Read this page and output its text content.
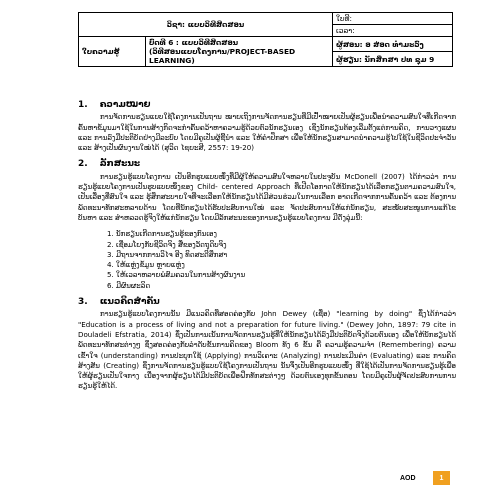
ວິຊາ: ແບບວິທີສິດສອນ		ໃບທີ:
		ເວລາ:
ໃບຄວາມຮູ້	ບົດທີ 6 : ແບບວິທີສິດສອນ
(ວິທີສອນແບບໂຄງການ/PROJECT-BASED LEARNING)	ຜູ້ສອນ: ອ ສ່ອດ ທຳມະວົງ
		ຜູ້ຮຽນ: ນັກສຶກສາ ປທ ຊຸມ 9
1. ຄວາມໝາຍ

ການຈັດການຮຽນແບບໃຊ້ໂຄງການເປັນຖານ ໝາຍເຖິງການຈັດການຮຽນທີ່ມີເປົ້າໝາຍເປັນຜູ້ຮຽນເພື່ອນຳຄວາມສົນໃຈທີ່ເກີດຈາກຄົ້ນຫາຂໍ້ມູນມາໃຊ້ໃນການສ້າງກິດຈະກຳຄົ້ນຄວ້າຫາຄວາມຮູ້ດ້ວຍຕົວນັກຮຽນເອງ ເຊິ່ງນັກຮຽນຕ້ອງເລີ່ມຕັ້ງແຕ່ການຄິດ, ການວາງແຜນ ແລະ ການລົງມືປະຕິບັດຢ່າງມີລະບົບ ໂດຍມີຄູເປັນຜູ້ຊີ້ນຳ ແລະ ໃຫ້ຄຳປຶກສາ ເພື່ອໃຫ້ນັກຮຽນສາມາດນຳຄວາມຮູ້ໄປໃຊ້ໃນຊີວິດປະຈຳວັນ ແລະ ສ້າງເປັນຜົນງານໃໝ່ໄດ້ (ສຸວິດ ໄຊຍະສີ, 2557: 19-20)

2. ລັກສະນະ

ການຮຽນຮູ້ແບບໂຄງການ ເປັນອີກຮູບແບບໜຶ່ງທີ່ມີຜູ້ໃຫ້ຄວາມສົນໃຈຫລາຍໃນປະຈຸບັນ McDonell (2007) ໄດ້ກ່າວວ່າ ການຮຽນຮູ້ແບບໂຄງການເປັນຮູບແບບໜຶ່ງຂອງ Child- centered Approach ທີ່ເປີດໂອກາດໃຫ້ນັກຮຽນໄດ້ເລືອກຮຽນຕາມຄວາມສົນໃຈ, ເປັນເລື່ອງທີ່ສົນໃຈ ແລະ ຮູ້ສຶກສະບາຍໃຈທີ່ຈະເລືອກໃຫ້ນັກຮຽນໄດ້ມີສ່ວນຮ່ວມໃນການເລືອກ ອາດເກີດຈາກການຄົ້ນຄວ້າ ແລະ ຕ້ອງການພັດທະນາທັກສະຫລາຍດ້ານ ໂດຍທີ່ນັກຮຽນໄດ້ຮັບປະສົບການໃໝ່ ແລະ ຈັດປະສົບການໃຫ້ແກ່ນັກຮຽນ, ສະໜັບສະໜູນການແກ້ໄຂບັນຫາ ແລະ ສຳຫລວດຮູ້ຈິງໃຫ້ແກ່ນັກຮຽນ ໂດຍມີລັກສະນະຂອງການຮຽນຮູ້ແບບໂຄງການ ມີດັ່ງລຸ່ມນີ້:

1. ນັກຮຽນເກີດການຮຽນຮູ້ຂອງກົນເອງ
2. ເຊື່ອມໂຍງກັບຊີວິດຈິງ ສື່ຂອງວັດຖຸດິບຈິງ
3. ມີຖານຈາກການວິໄຈ ອີງ ທິດສະດີສຶກສາ
4. ໃຫ້ແຫຼ່ງຂໍ້ມູນ ຫຼາຍແຫຼ່ງ
5. ໃຫ້ເວລາຫລາຍພໍສົມຄວນໃນການສ້າງຜົນງານ
6. ມີຜົນຜະລິດ
3. ແນວຄິດສຳຄັນ

ການຮຽນຮູ້ແບບໂຄງການນັ້ນ ມີແນວຄິດທີ່ສອດຄ່ອງກັບ John Dewey (ເຊື່ອ) "learning by doing" ຊຶ່ງໄດ້ກ່າວວ່າ "Education is a process of living and not a preparation for future living." (Dewey John, 1897: 79 cite in Douladeli Efstratia, 2014) ຊຶ່ງເປັນການເນັ້ນການຈັດການຮຽນຮູ້ທີ່ໃຫ້ນັກຮຽນໄດ້ລົງມືປະຕິບັດຈິງດ້ວຍຕົນເອງ ເພື່ອໃຫ້ນັກຮຽນໄດ້ພັດທະນາທັກສະຕ່າງໆ ຊຶ່ງສອດຄ່ອງກັບລຳດັບຂັ້ນການຄິດຂອງ Bloom ທັງ 6 ຂັ້ນ ຄື ຄວາມຮູ້ຄວາມຈຳ (Remembering) ຄວາມເຂົ້າໃຈ (understanding) ການປະຍຸກໃຊ້ (Applying) ການວິເຄາະ (Analyzing) ການປະເມີນຄ່າ (Evaluating) ແລະ ການຄິດສ້າງສັນ (Creating) ຊຶ່ງການຈັດການຮຽນຮູ້ແບບໃຊ້ໂຄງການເປັນຖານ ນັ້ນຈຶ່ງເປັນອີກຮູບແບບໜຶ່ງ ທີ່ໃຊ້ໄດ້ເປັນການຈັດການຮຽນຮູ້ເພື່ອໃຫ້ຜູ້ຮຽນເປັນໃຈກາງ ເນື່ອງຈາກຜູ້ຮຽນໄດ້ມີປະຕິບັດເພື່ອຝຶກທັກສະຕ່າງໆ ດ້ວຍຕົນເອງທຸກຂັ້ນຕອນ ໂດຍມີຄູເປັນຜູ້ຈັດປະສົບການການຮຽນຮູ້ໃຫ້ໄດ້.

AOD	1
